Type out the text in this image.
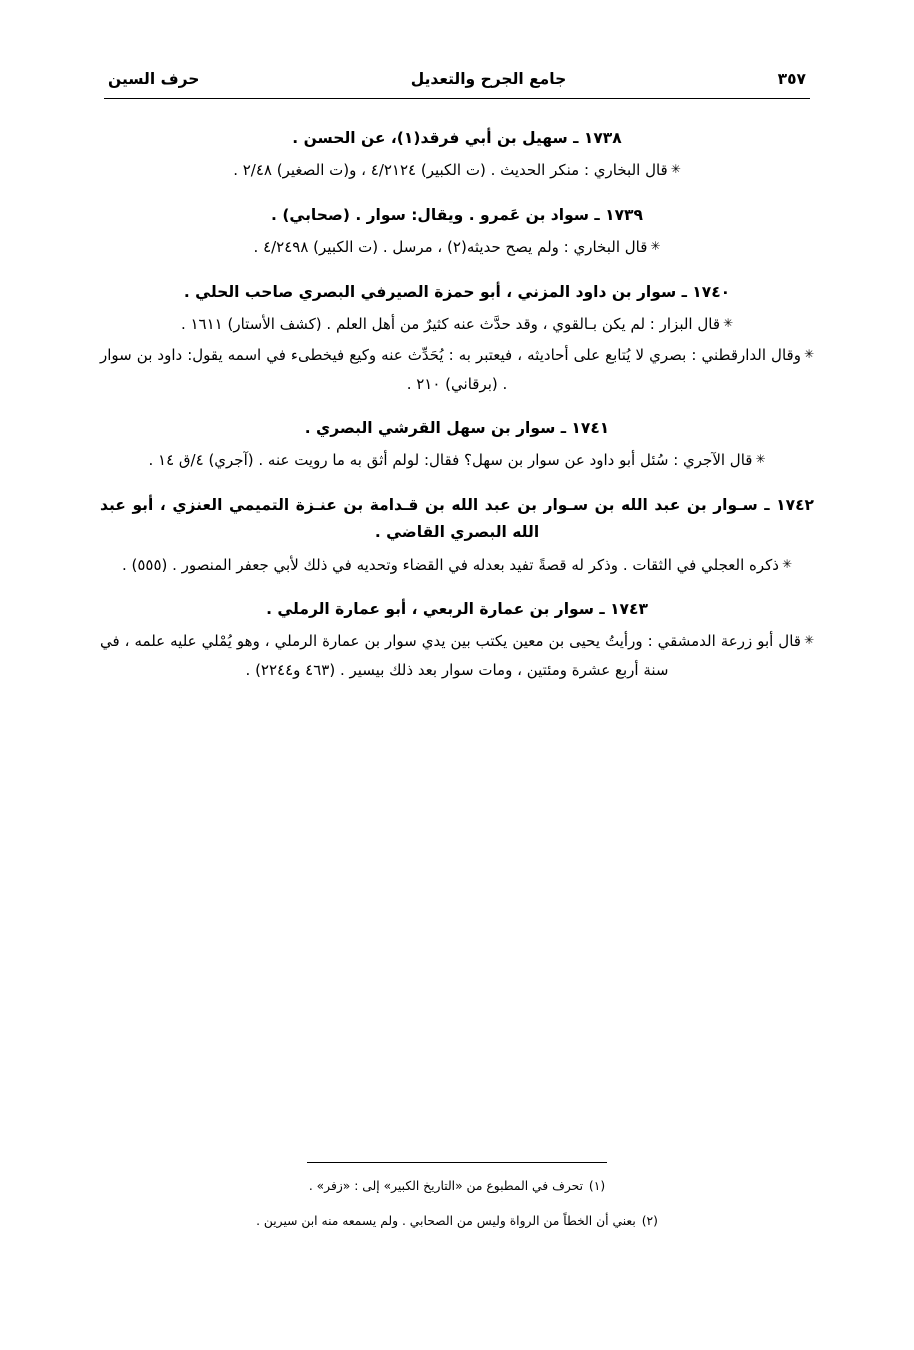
٣٥٧
جامع الجرح والتعديل
حرف السين

١٧٣٨ ـ سهيل بن أبي فرقد(١)، عن الحسن .

✳قال البخاري : منكر الحديث . (ت الكبير) ٤/٢١٢٤ ، و(ت الصغير) ٢/٤٨ .

١٧٣٩ ـ سواد بن عَمرو . ويقال: سوار . (صحابي) .

✳قال البخاري : ولم يصح حديثه(٢) ، مرسل . (ت الكبير) ٤/٢٤٩٨ .

١٧٤٠ ـ سوار بن داود المزني ، أبو حمزة الصيرفي البصري صاحب الحلي .

✳قال البزار : لم يكن بـالقوي ، وقد حدَّث عنه كثيرٌ من أهل العلم . (كشف الأستار) ١٦١١ .

✳وقال الدارقطني : بصري لا يُتابع على أحاديثه ، فيعتبر به : يُحَدِّث عنه وكيع فيخطىء في اسمه يقول: داود بن سوار . (برقاني) ٢١٠ .

١٧٤١ ـ سوار بن سهل القرشي البصري .

✳قال الآجري : سُئل أبو داود عن سوار بن سهل؟ فقال: لولم أثق به ما رويت عنه . (آجري) ٤/ق ١٤ .

١٧٤٢ ـ سـوار بن عبد الله بن سـوار بن عبد الله بن قـدامة بن عنـزة التميمي العنزي ، أبو عبد الله البصري القاضي .

✳ذكره العجلي في الثقات . وذكر له قصةً تفيد بعدله في القضاء وتحديه في ذلك لأبي جعفر المنصور . (٥٥٥) .

١٧٤٣ ـ سوار بن عمارة الربعي ، أبو عمارة الرملي .

✳قال أبو زرعة الدمشقي : ورأيتُ يحيى بن معين يكتب بين يدي سوار بن عمارة الرملي ، وهو يُمْلي عليه علمه ، في سنة أربع عشرة ومئتين ، ومات سوار بعد ذلك بيسير . (٤٦٣ و٢٢٤٤) .

(١) تحرف في المطبوع من «التاريخ الكبير» إلى : «زفر» .

(٢) بعني أن الخطاً من الرواة وليس من الصحابي . ولم يسمعه منه ابن سيرين .
